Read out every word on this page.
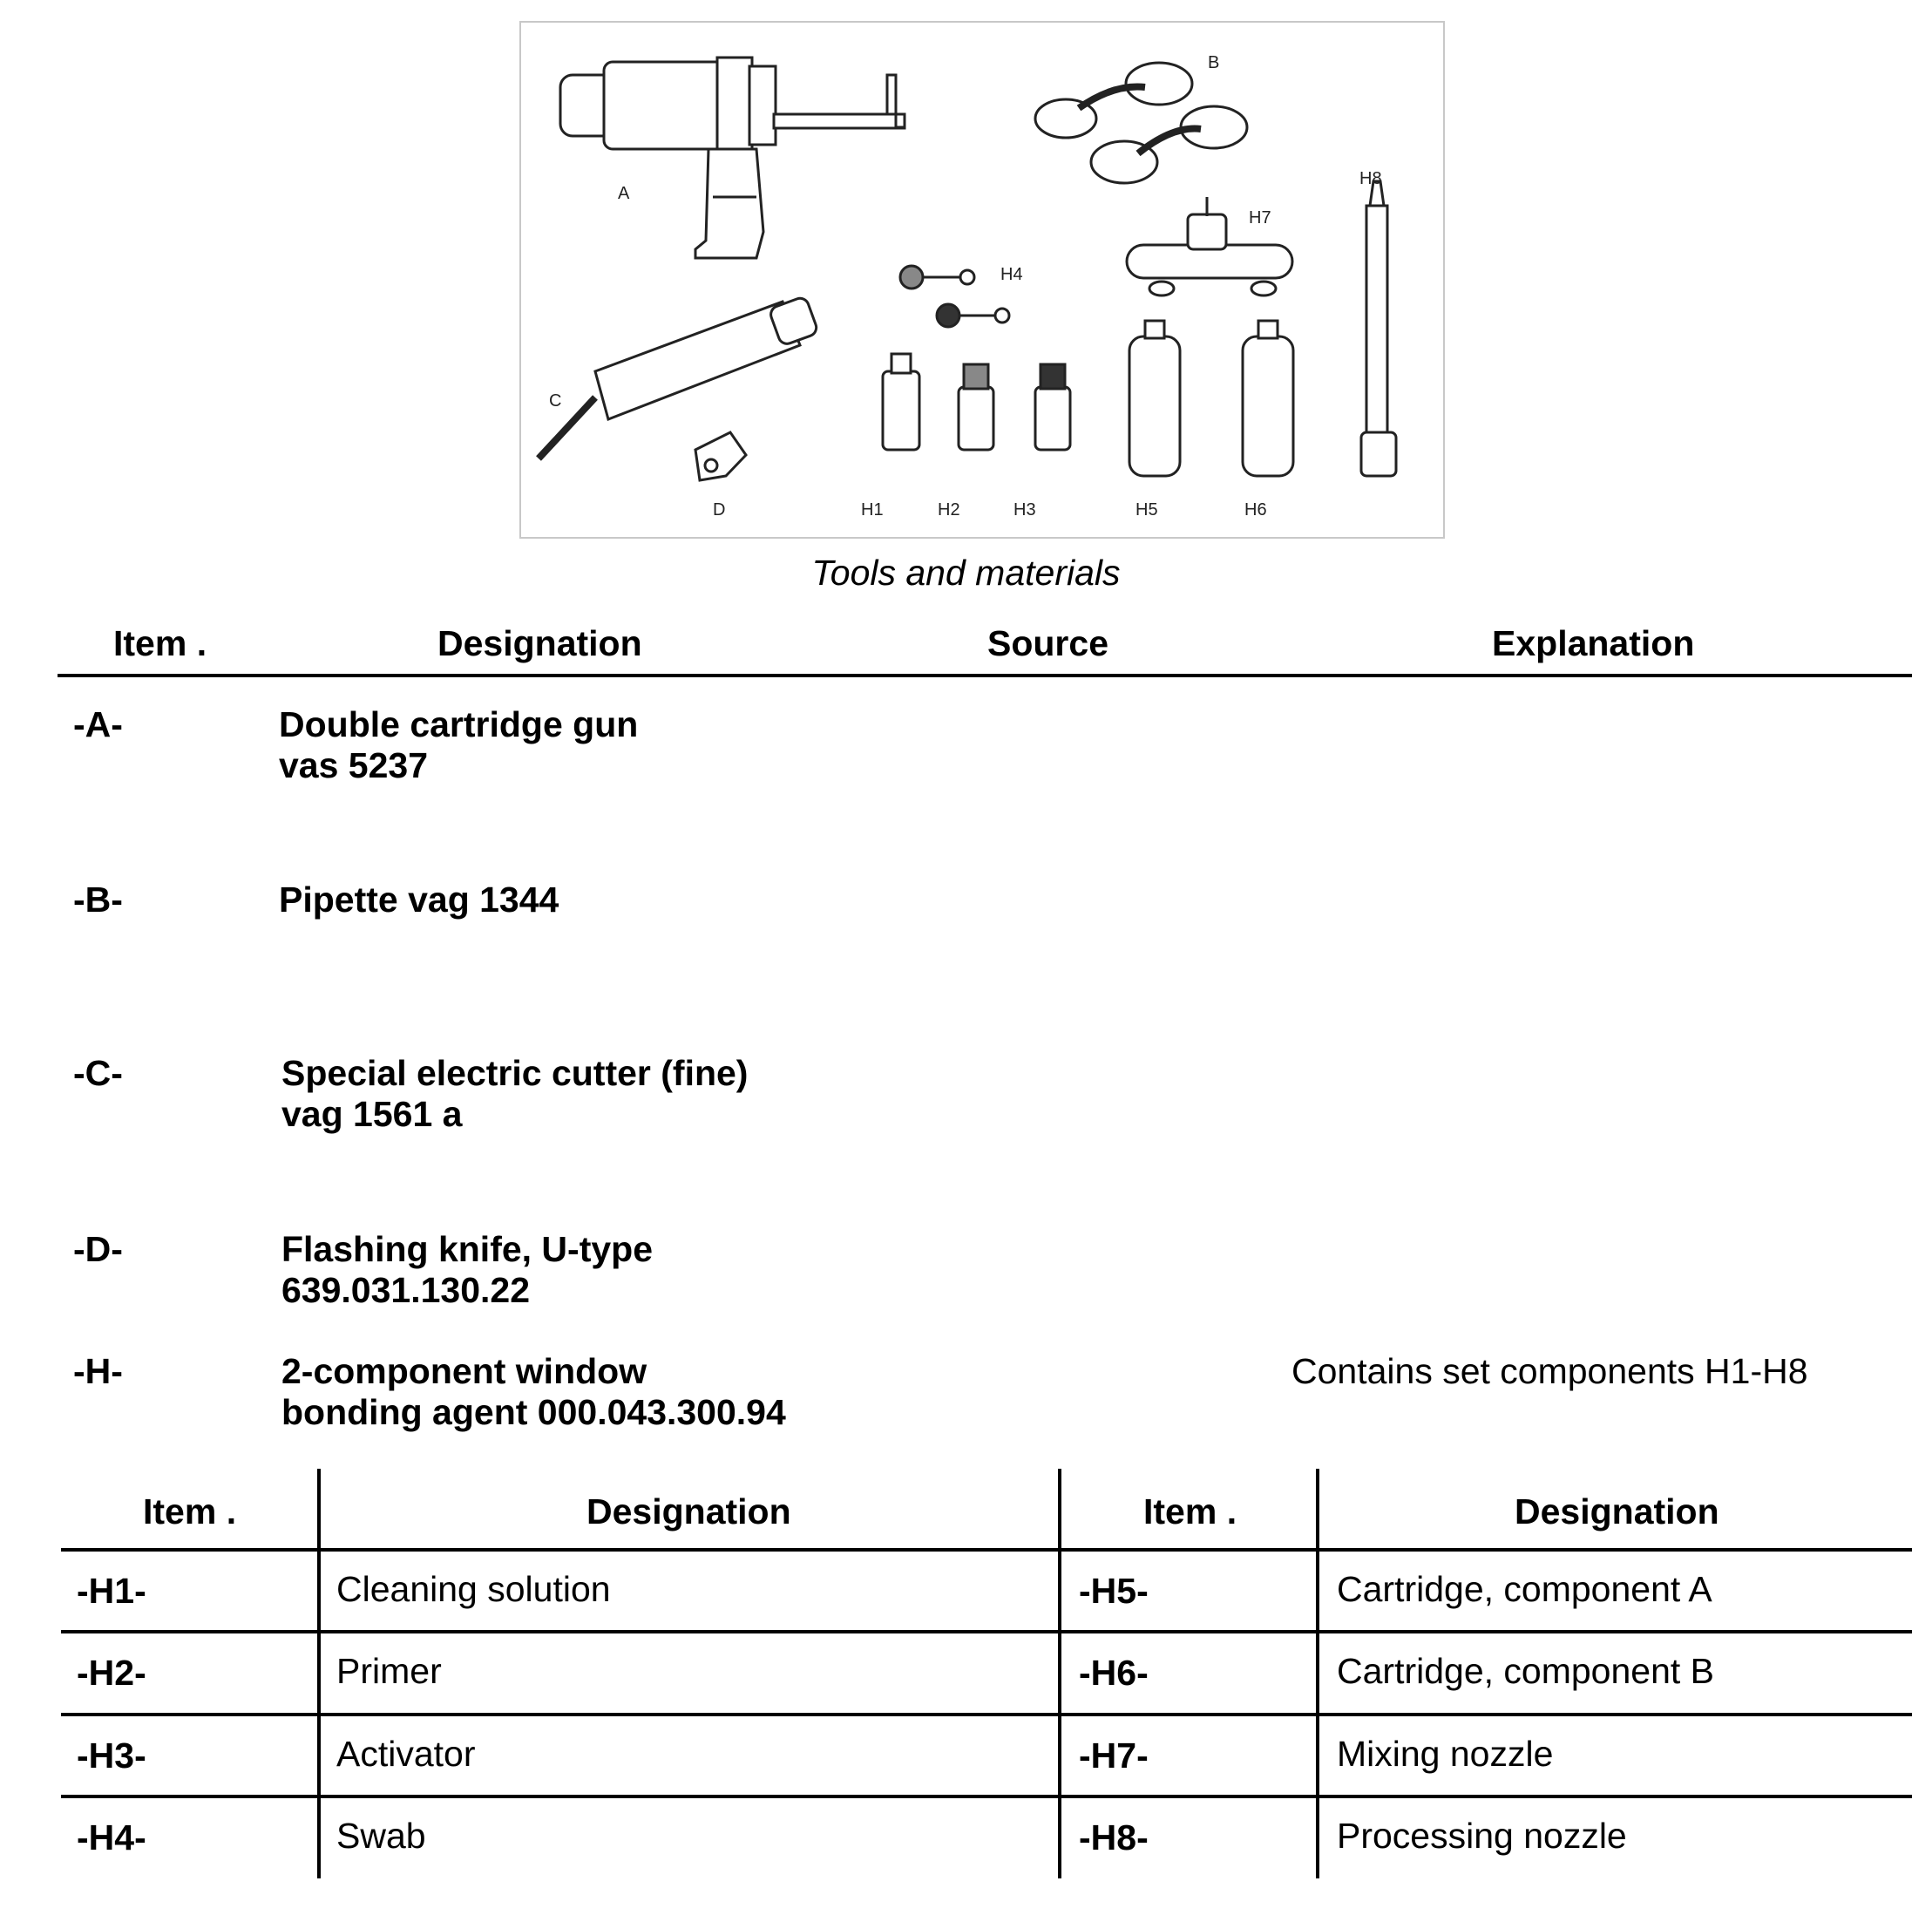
A
B
C
D	H1	H2	H3
H4
H5	H6
H7
H8
Tools and materials
Item .	Designation	Source	Explanation
-A-	Double cartridge gun
vas 5237
-B-	Pipette vag 1344
-C-	Special electric cutter (fine)
vag 1561 a
-D-	Flashing knife, U-type
639.031.130.22
-H-	2-component window
bonding agent 000.043.300.94
Contains set components H1-H8
Item .	Designation	Item .	Designation
-H1-	Cleaning solution	-H5-	Cartridge, component A
-H2-	Primer	-H6-	Cartridge, component B
-H3-	Activator	-H7-	Mixing nozzle
-H4-	Swab	-H8-	Processing nozzle
